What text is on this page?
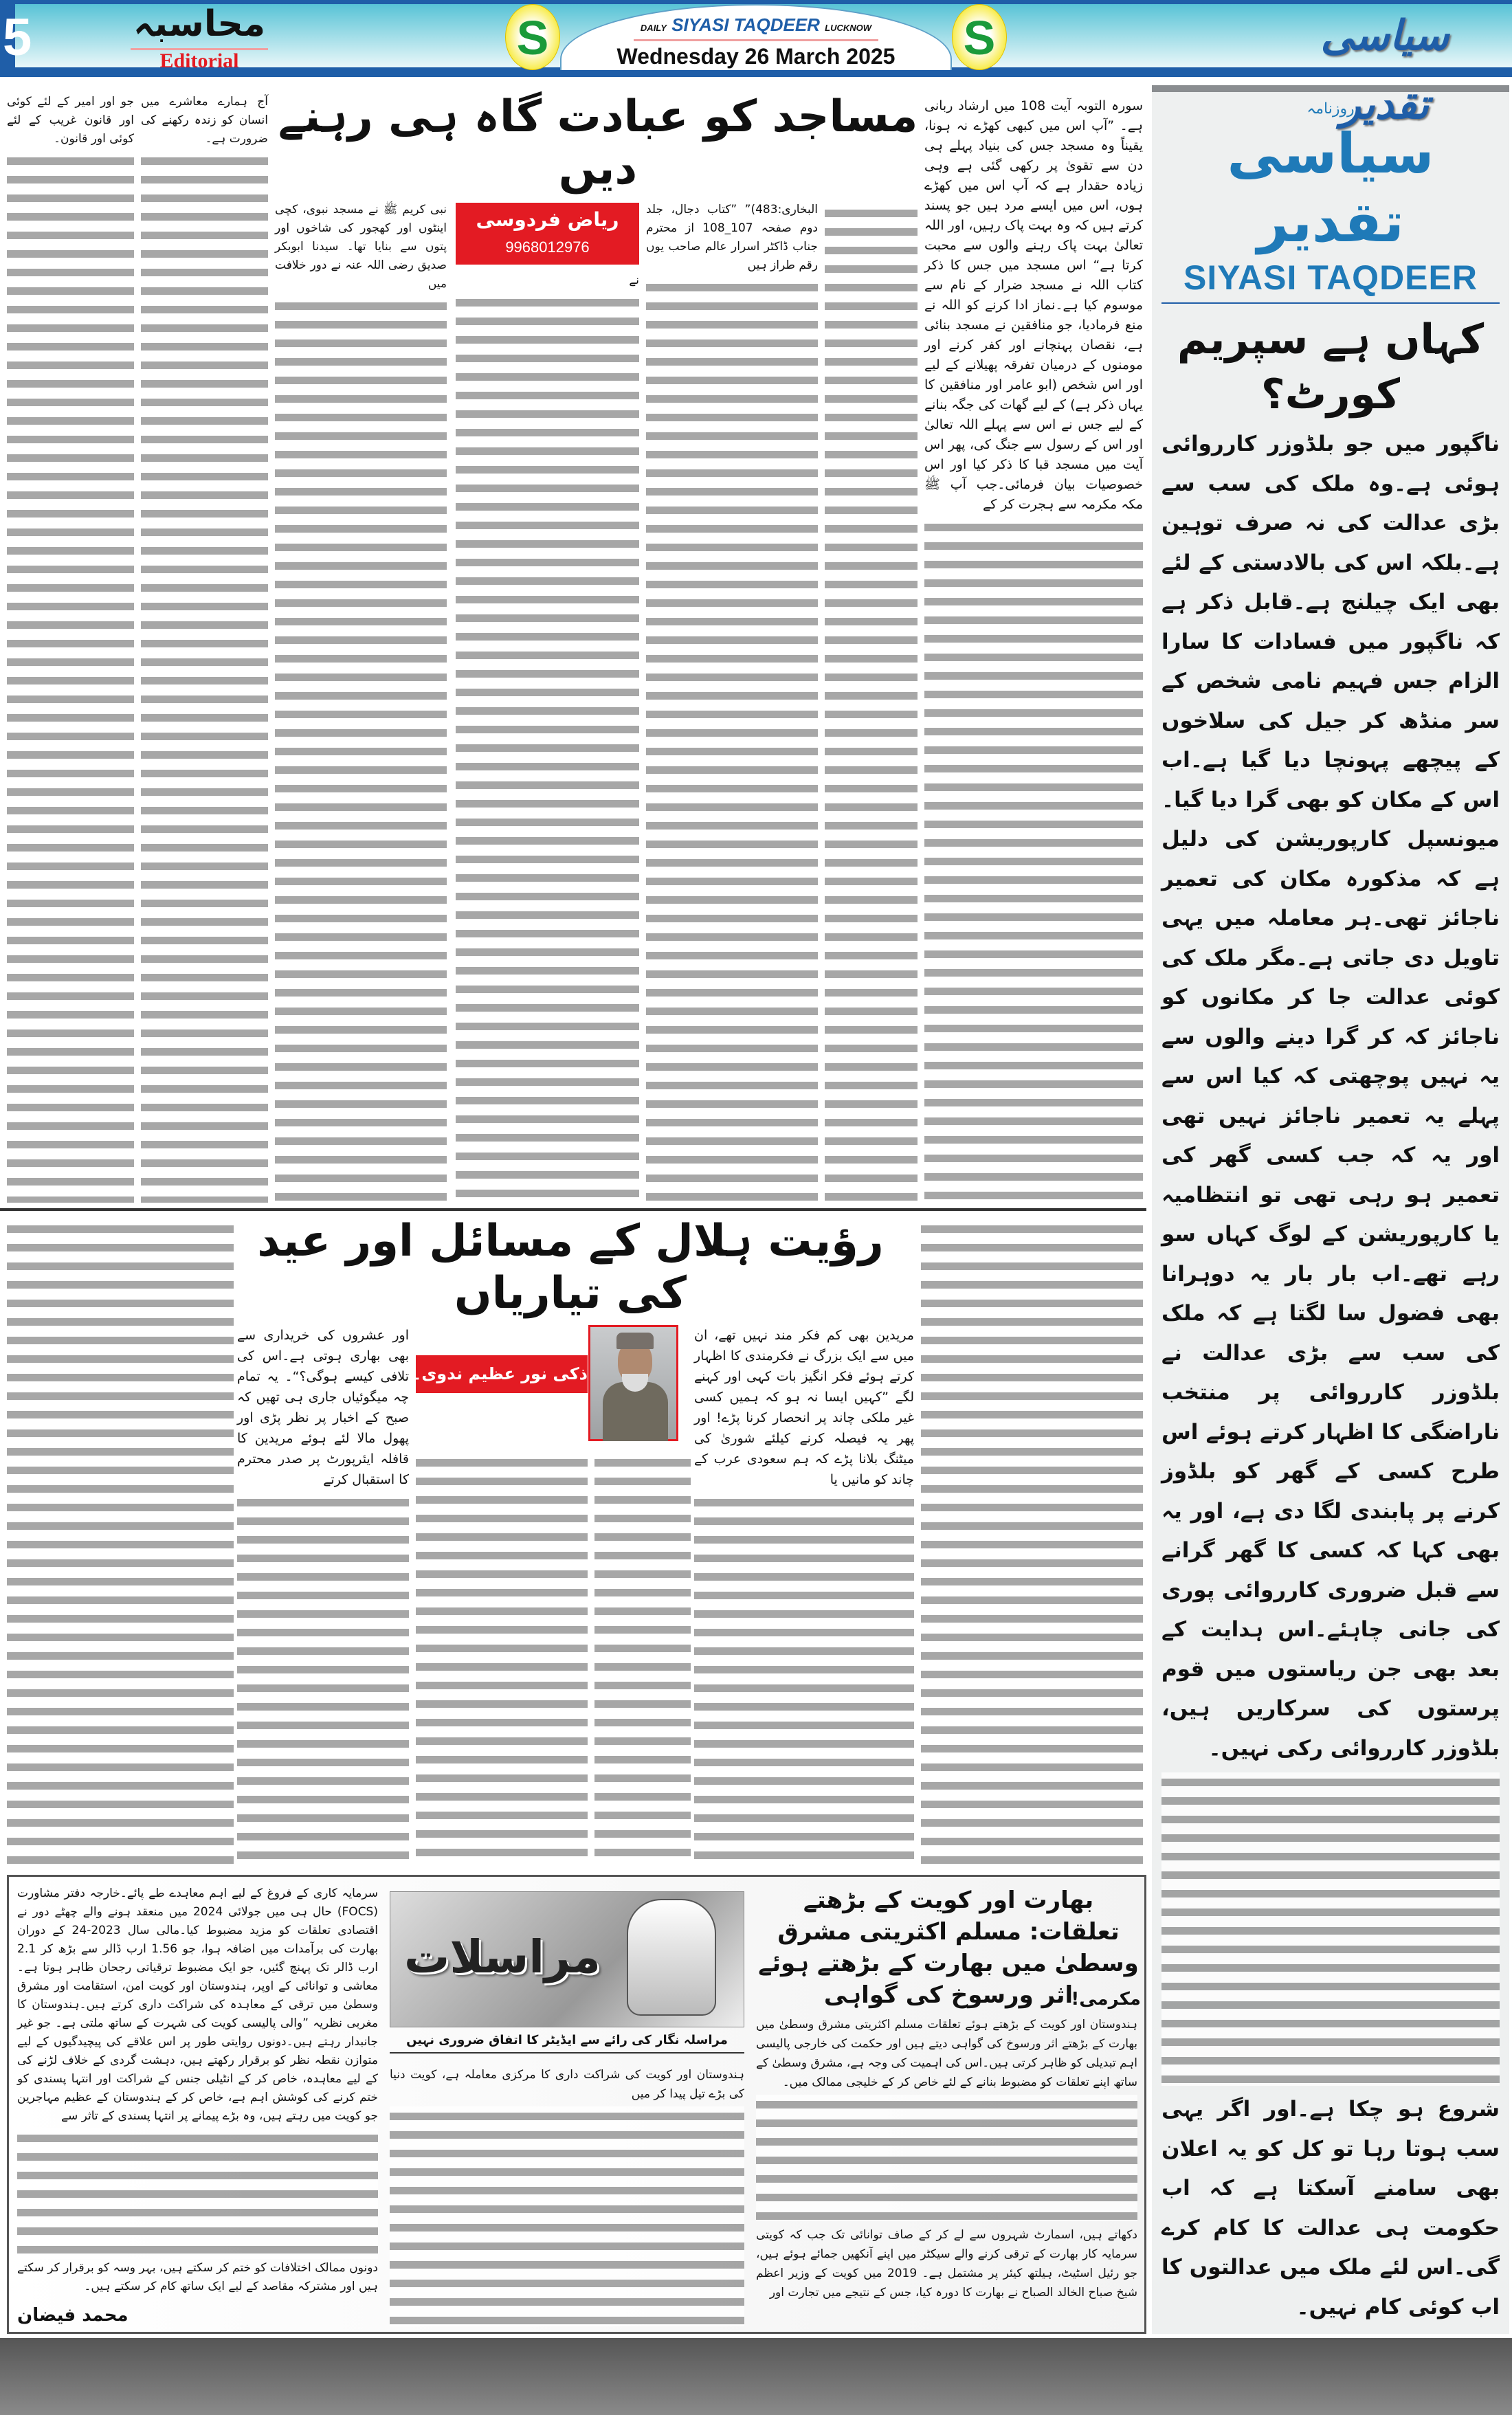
5	محاسبہ
Editorial	S	DAILY SIYASI TAQDEER LUCKNOW
Wednesday 26 March 2025	S	سیاسی تقدیر
روزنامہ
سیاسی تقدیر
SIYASI TAQDEER
کہاں ہے سپریم کورٹ؟
ناگپور میں جو بلڈوزر کارروائی ہوئی ہے۔وہ ملک کی سب سے بڑی عدالت کی نہ صرف توہین ہے۔بلکہ اس کی بالادستی کے لئے بھی ایک چیلنج ہے۔قابل ذکر ہے کہ ناگپور میں فسادات کا سارا الزام جس فہیم نامی شخص کے سر منڈھ کر جیل کی سلاخوں کے پیچھے پہونچا دیا گیا ہے۔اب اس کے مکان کو بھی گرا دیا گیا۔میونسپل کارپوریشن کی دلیل ہے کہ مذکورہ مکان کی تعمیر ناجائز تھی۔ہر معاملہ میں یہی تاویل دی جاتی ہے۔مگر ملک کی کوئی عدالت جا کر مکانوں کو ناجائز کہ کر گرا دینے والوں سے یہ نہیں پوچھتی کہ کیا اس سے پہلے یہ تعمیر ناجائز نہیں تھی اور یہ کہ جب کسی گھر کی تعمیر ہو رہی تھی تو انتظامیہ یا کارپوریشن کے لوگ کہاں سو رہے تھے۔اب بار بار یہ دوہرانا بھی فضول سا لگتا ہے کہ ملک کی سب سے بڑی عدالت نے بلڈوزر کارروائی پر منتخب ناراضگی کا اظہار کرتے ہوئے اس طرح کسی کے گھر کو بلڈوز کرنے پر پابندی لگا دی ہے، اور یہ بھی کہا کہ کسی کا گھر گرانے سے قبل ضروری کارروائی پوری کی جانی چاہئے۔اس ہدایت کے بعد بھی جن ریاستوں میں قوم پرستوں کی سرکاریں ہیں، بلڈوزر کارروائی رکی نہیں۔
شروع ہو چکا ہے۔اور اگر یہی سب ہوتا رہا تو کل کو یہ اعلان بھی سامنے آسکتا ہے کہ اب حکومت ہی عدالت کا کام کرے گی۔اس لئے ملک میں عدالتوں کا اب کوئی کام نہیں۔
مساجد کو عبادت گاہ ہی رہنے دیں
ریاض فردوسی
9968012976

جو اور امیر کے لئے کوئی اور قانون غریب کے لئے کوئی اور قانون۔

آج ہمارے معاشرے میں انسان کو زندہ رکھنے کی ضرورت ہے۔

نبی کریم ﷺ نے مسجد نبوی، کچی اینٹوں اور کھجور کی شاخوں اور پتوں سے بنایا تھا۔ سیدنا ابوبکر صدیق رضی اللہ عنہ نے دور خلافت میں	نے

البخاری:483)” ”کتاب دجال، جلد دوم صفحہ 107_108 از محترم جناب ڈاکٹر اسرار عالم صاحب یوں رقم طراز ہیں

سورہ التوبہ آیت 108 میں ارشاد ربانی ہے۔ ”آپ اس میں کبھی کھڑے نہ ہونا، یقیناً وہ مسجد جس کی بنیاد پہلے ہی دن سے تقویٰ پر رکھی گئی ہے وہی زیادہ حقدار ہے کہ آپ اس میں کھڑے ہوں، اس میں ایسے مرد ہیں جو پسند کرتے ہیں کہ وہ بہت پاک رہیں، اور اللہ تعالیٰ بہت پاک رہنے والوں سے محبت کرتا ہے“ اس مسجد میں جس کا ذکر کتاب اللہ نے مسجد ضرار کے نام سے موسوم کیا ہے۔نماز ادا کرنے کو اللہ نے منع فرمادیا، جو منافقین نے مسجد بنائی ہے، نقصان پہنچانے اور کفر کرنے اور مومنوں کے درمیان تفرقہ پھیلانے کے لیے اور اس شخص (ابو عامر اور منافقین کا یہاں ذکر ہے) کے لیے گھات کی جگہ بنانے کے لیے جس نے اس سے پہلے اللہ تعالیٰ اور اس کے رسول سے جنگ کی، پھر اس آیت میں مسجد قبا کا ذکر کیا اور اس خصوصیات بیان فرمائی۔جب آپ ﷺ مکہ مکرمہ سے ہجرت کر کے

رؤیت ہلال کے مسائل اور عید کی تیاریاں
ذکی نور عظیم ندوی۔لکھنؤ

اور عشروں کی خریداری سے بھی بھاری ہوتی ہے۔اس کی تلافی کیسے ہوگی؟“۔ یہ تمام چہ میگوئیاں جاری ہی تھیں کہ صبح کے اخبار پر نظر پڑی اور پھول مالا لئے ہوئے مریدین کا قافلہ ایئرپورٹ پر صدر محترم کا استقبال کرتے

مریدین بھی کم فکر مند نہیں تھے، ان میں سے ایک بزرگ نے فکرمندی کا اظہار کرتے ہوئے فکر انگیز بات کہی اور کہنے لگے ”کہیں ایسا نہ ہو کہ ہمیں کسی غیر ملکی چاند پر انحصار کرنا پڑے! اور پھر یہ فیصلہ کرنے کیلئے شوریٰ کی میٹنگ بلانا پڑے کہ ہم سعودی عرب کے چاند کو مانیں یا

سرمایہ کاری کے فروغ کے لیے اہم معاہدے طے پائے۔خارجہ دفتر مشاورت (FOCS) حال ہی میں جولائی 2024 میں منعقد ہونے والے چھٹے دور نے اقتصادی تعلقات کو مزید مضبوط کیا۔مالی سال 2023-24 کے دوران بھارت کی برآمدات میں اضافہ ہوا، جو 1.56 ارب ڈالر سے بڑھ کر 2.1 ارب ڈالر تک پہنچ گئیں، جو ایک مضبوط ترقیاتی رجحان ظاہر ہوتا ہے۔معاشی و توانائی کے اوپر، ہندوستان اور کویت امن، استقامت اور مشرق وسطیٰ میں ترقی کے معاہدہ کی شراکت داری کرتے ہیں۔ہندوستان کا مغربی نظریہ ”والی پالیسی کویت کی شہرت کے ساتھ ملتی ہے۔ جو غیر جانبدار رہتے ہیں۔دونوں روایتی طور پر اس علاقے کی پیچیدگیوں کے لیے متوازن نقطہ نظر کو برقرار رکھتے ہیں، دہشت گردی کے خلاف لڑنے کی کے لیے معاہدہ، خاص کر کے انٹیلی جنس کے شراکت اور انتہا پسندی کو ختم کرنے کی کوشش اہم ہے، خاص کر کے ہندوستان کے عظیم مہاجرین جو کویت میں رہتے ہیں، وہ بڑے پیمانے پر انتہا پسندی کے تاثر سے

دونوں ممالک اختلافات کو ختم کر سکتے ہیں، بہر وسہ کو برقرار کر سکتے ہیں اور مشترکہ مقاصد کے لیے ایک ساتھ کام کر سکتے ہیں۔

محمد فیضان
مراسلات
مراسلہ نگار کی رائے سے ایڈیٹر کا اتفاق ضروری نہیں

ہندوستان اور کویت کی شراکت داری کا مرکزی معاملہ ہے، کویت دنیا کی بڑے تیل پیدا کر میں

بھارت اور کویت کے بڑھتے تعلقات: مسلم اکثریتی مشرق وسطیٰ میں بھارت کے بڑھتے ہوئے اثر ورسوخ کی گواہی
مکرمی!

ہندوستان اور کویت کے بڑھتے ہوئے تعلقات مسلم اکثریتی مشرق وسطیٰ میں بھارت کے بڑھتے اثر ورسوخ کی گواہی دیتے ہیں اور حکمت کی خارجی پالیسی اہم تبدیلی کو ظاہر کرتی ہیں۔اس کی اہمیت کی وجہ ہے، مشرق وسطیٰ کے ساتھ اپنے تعلقات کو مضبوط بنانے کے لئے خاص کر کے خلیجی ممالک میں۔

دکھاتے ہیں، اسمارٹ شہروں سے لے کر کے صاف توانائی تک جب کہ کویتی سرمایہ کار بھارت کے ترقی کرنے والے سیکٹر میں اپنے آنکھیں جمائے ہوئے ہیں، جو رئیل اسٹیٹ، ہیلتھ کیئر پر مشتمل ہے۔ 2019 میں کویت کے وزیر اعظم شیخ صباح الخالد الصباح نے بھارت کا دورہ کیا، جس کے نتیجے میں تجارت اور
